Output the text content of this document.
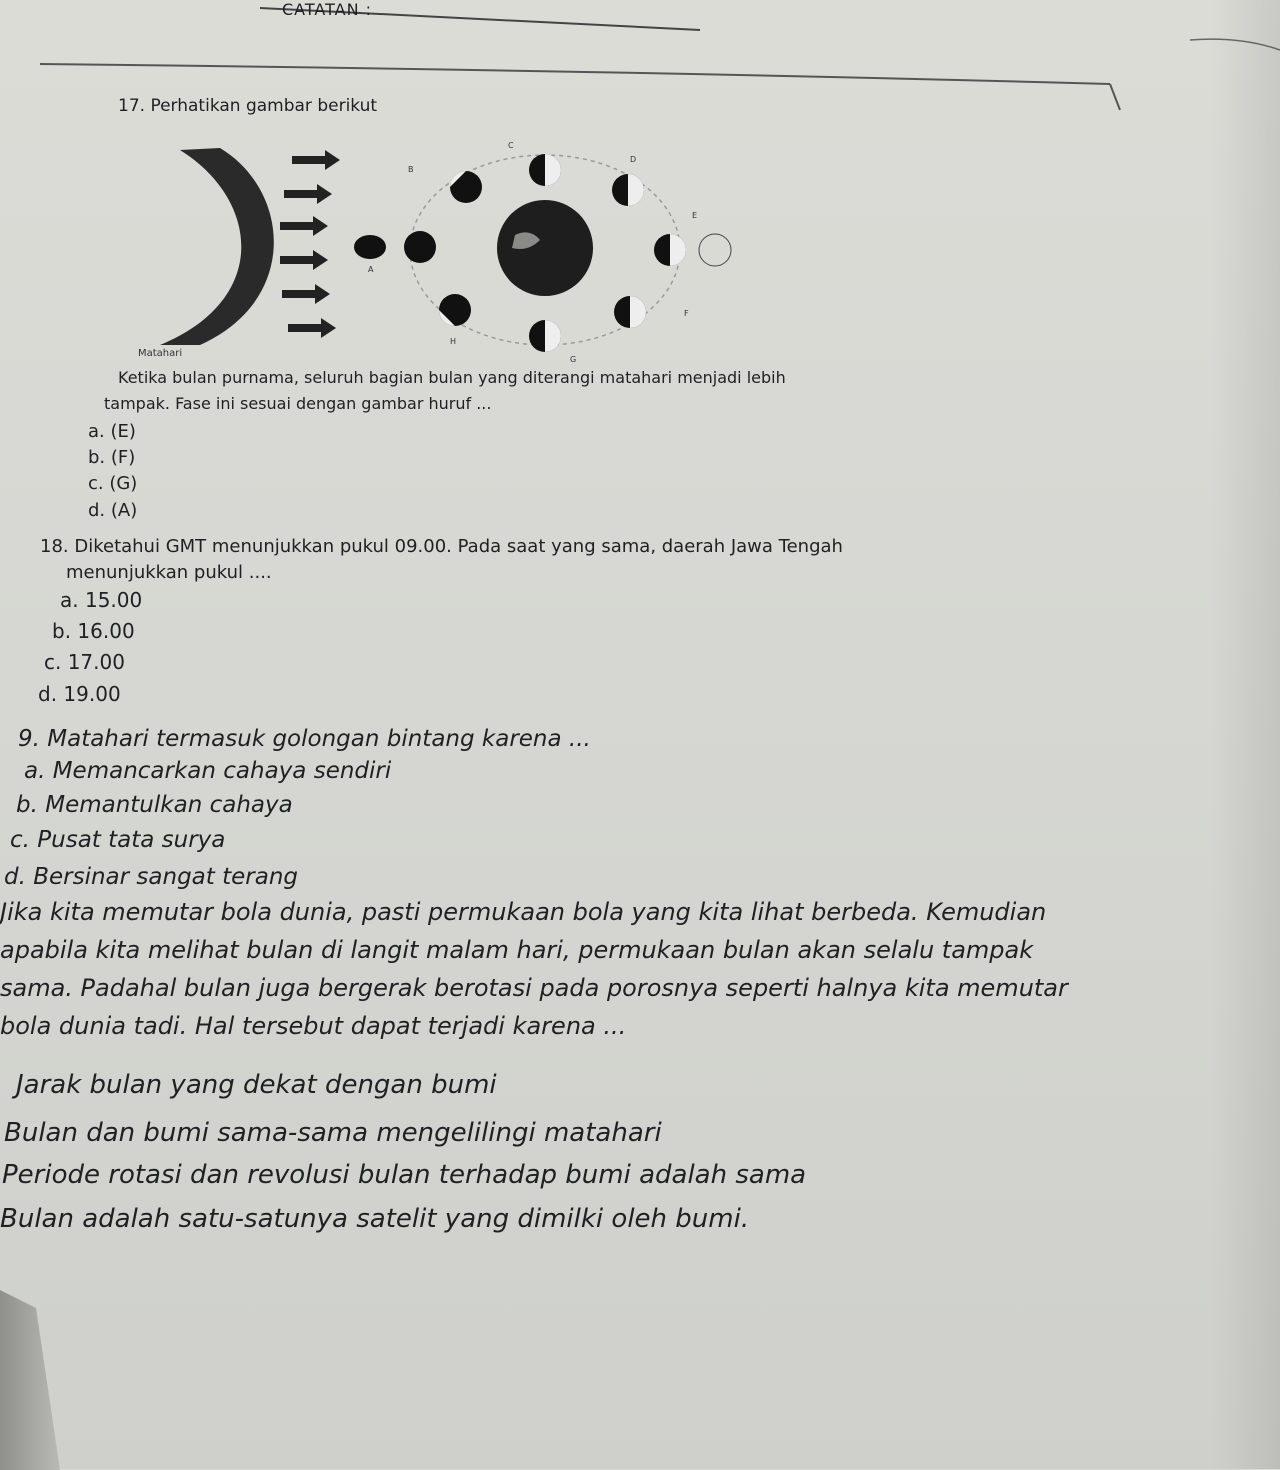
CATATAN :
17. Perhatikan gambar berikut
Matahari
A
B
C
D
E
F
G
H
Ketika bulan purnama, seluruh bagian bulan yang diterangi matahari menjadi lebih
tampak. Fase ini sesuai dengan gambar huruf ...
a. (E)
b. (F)
c. (G)
d. (A)
18. Diketahui GMT menunjukkan pukul 09.00. Pada saat yang sama, daerah Jawa Tengah
menunjukkan pukul ....
a. 15.00
b. 16.00
c. 17.00
d. 19.00
9. Matahari termasuk golongan bintang karena ...
a. Memancarkan cahaya sendiri
b. Memantulkan cahaya
c. Pusat tata surya
d. Bersinar sangat terang
Jika kita memutar bola dunia, pasti permukaan bola yang kita lihat berbeda. Kemudian
apabila kita melihat bulan di langit malam hari, permukaan bulan akan selalu tampak
sama. Padahal bulan juga bergerak berotasi pada porosnya seperti halnya kita memutar
bola dunia tadi. Hal tersebut dapat terjadi karena ...
Jarak bulan yang dekat dengan bumi
Bulan dan bumi sama-sama mengelilingi matahari
Periode rotasi dan revolusi bulan terhadap bumi adalah sama
Bulan adalah satu-satunya satelit yang dimilki oleh bumi.
